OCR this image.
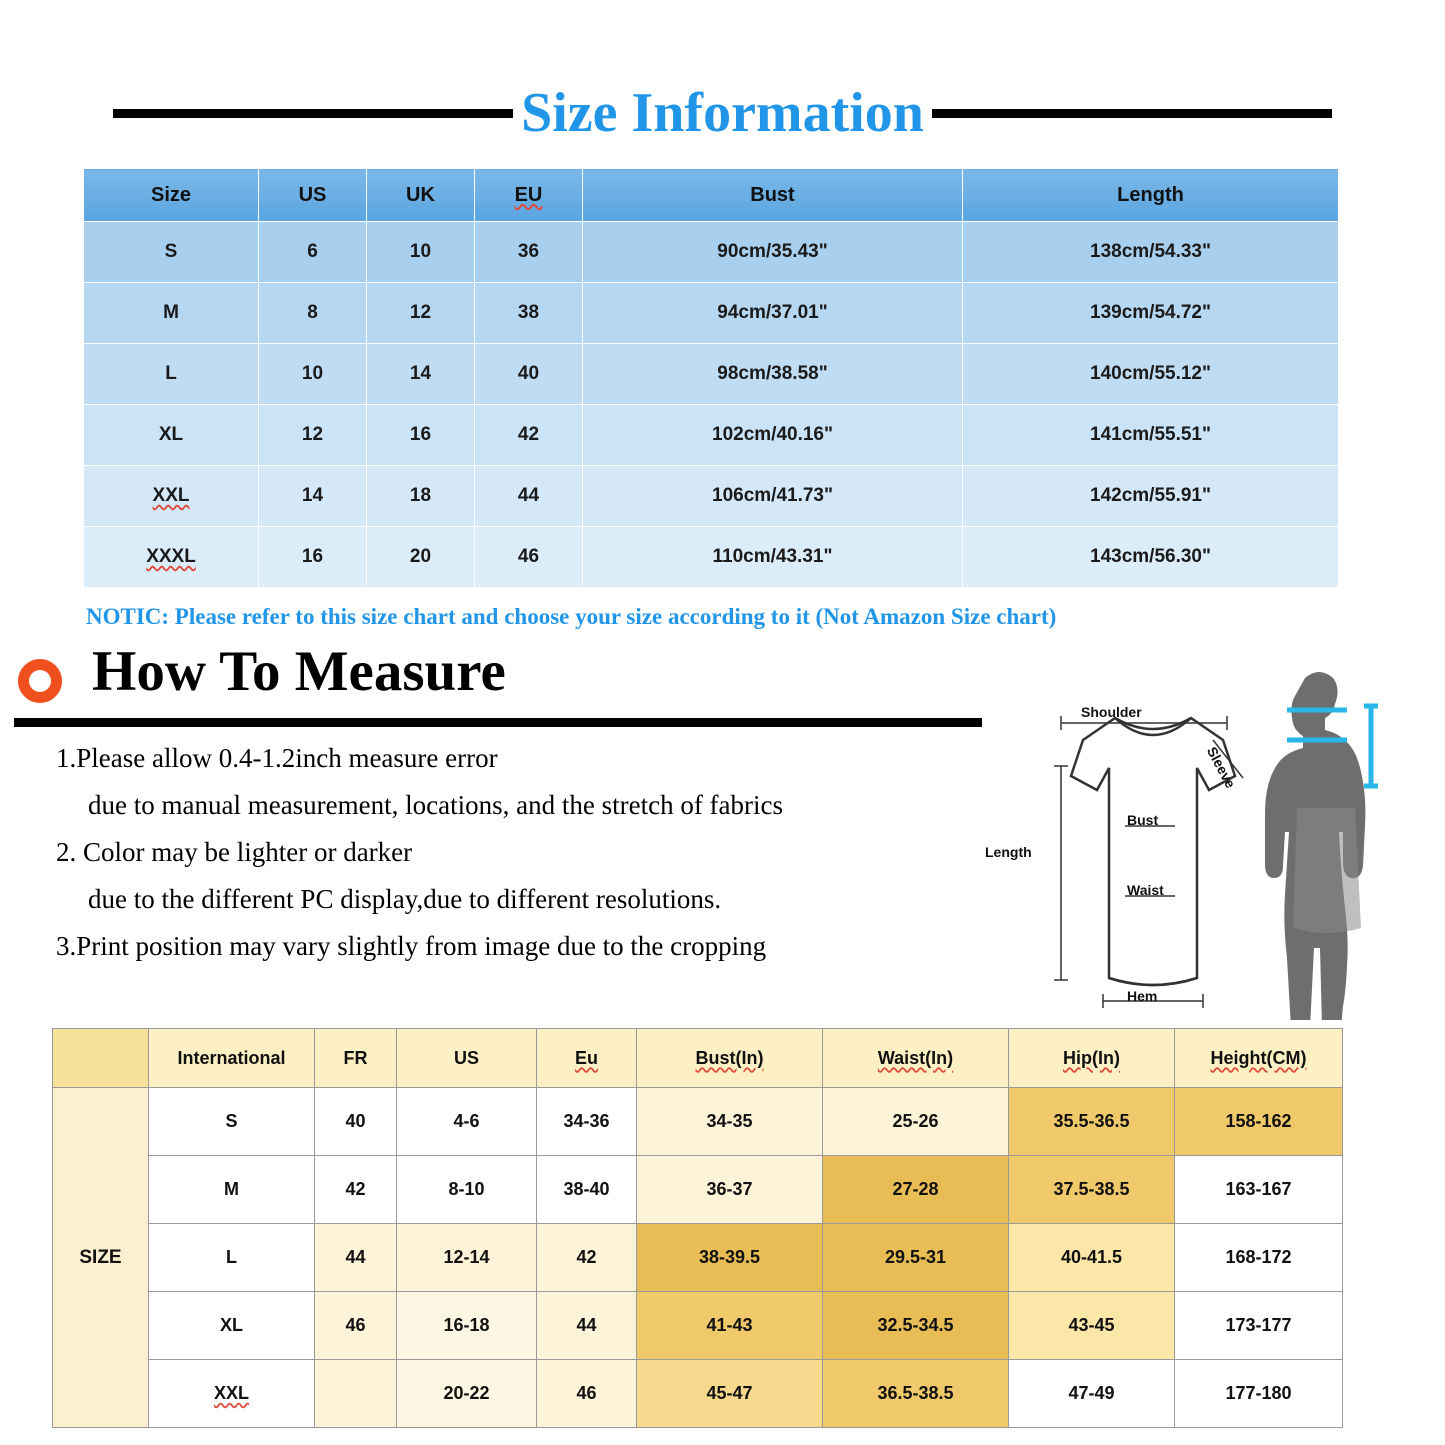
Size Information
Size	US	UK	EU	Bust	Length
S	6	10	36	90cm/35.43"	138cm/54.33"
M	8	12	38	94cm/37.01"	139cm/54.72"
L	10	14	40	98cm/38.58"	140cm/55.12"
XL	12	16	42	102cm/40.16"	141cm/55.51"
XXL	14	18	44	106cm/41.73"	142cm/55.91"
XXXL	16	20	46	110cm/43.31"	143cm/56.30"
NOTIC: Please refer to this size chart and choose your size according to it (Not Amazon Size chart)
How To Measure
1.Please allow 0.4-1.2inch measure error
due to manual measurement, locations, and the stretch of fabrics
2. Color may be lighter or darker
due to the different PC display,due to different resolutions.
3.Print position may vary slightly from image due to the cropping
Shoulder
Sleeve
Bust
Length
Waist
Hem
	International	FR	US	Eu	Bust(In)	Waist(In)	Hip(In)	Height(CM)
SIZE	S	40	4-6	34-36	34-35	25-26	35.5-36.5	158-162
	M	42	8-10	38-40	36-37	27-28	37.5-38.5	163-167
	L	44	12-14	42	38-39.5	29.5-31	40-41.5	168-172
	XL	46	16-18	44	41-43	32.5-34.5	43-45	173-177
	XXL		20-22	46	45-47	36.5-38.5	47-49	177-180
